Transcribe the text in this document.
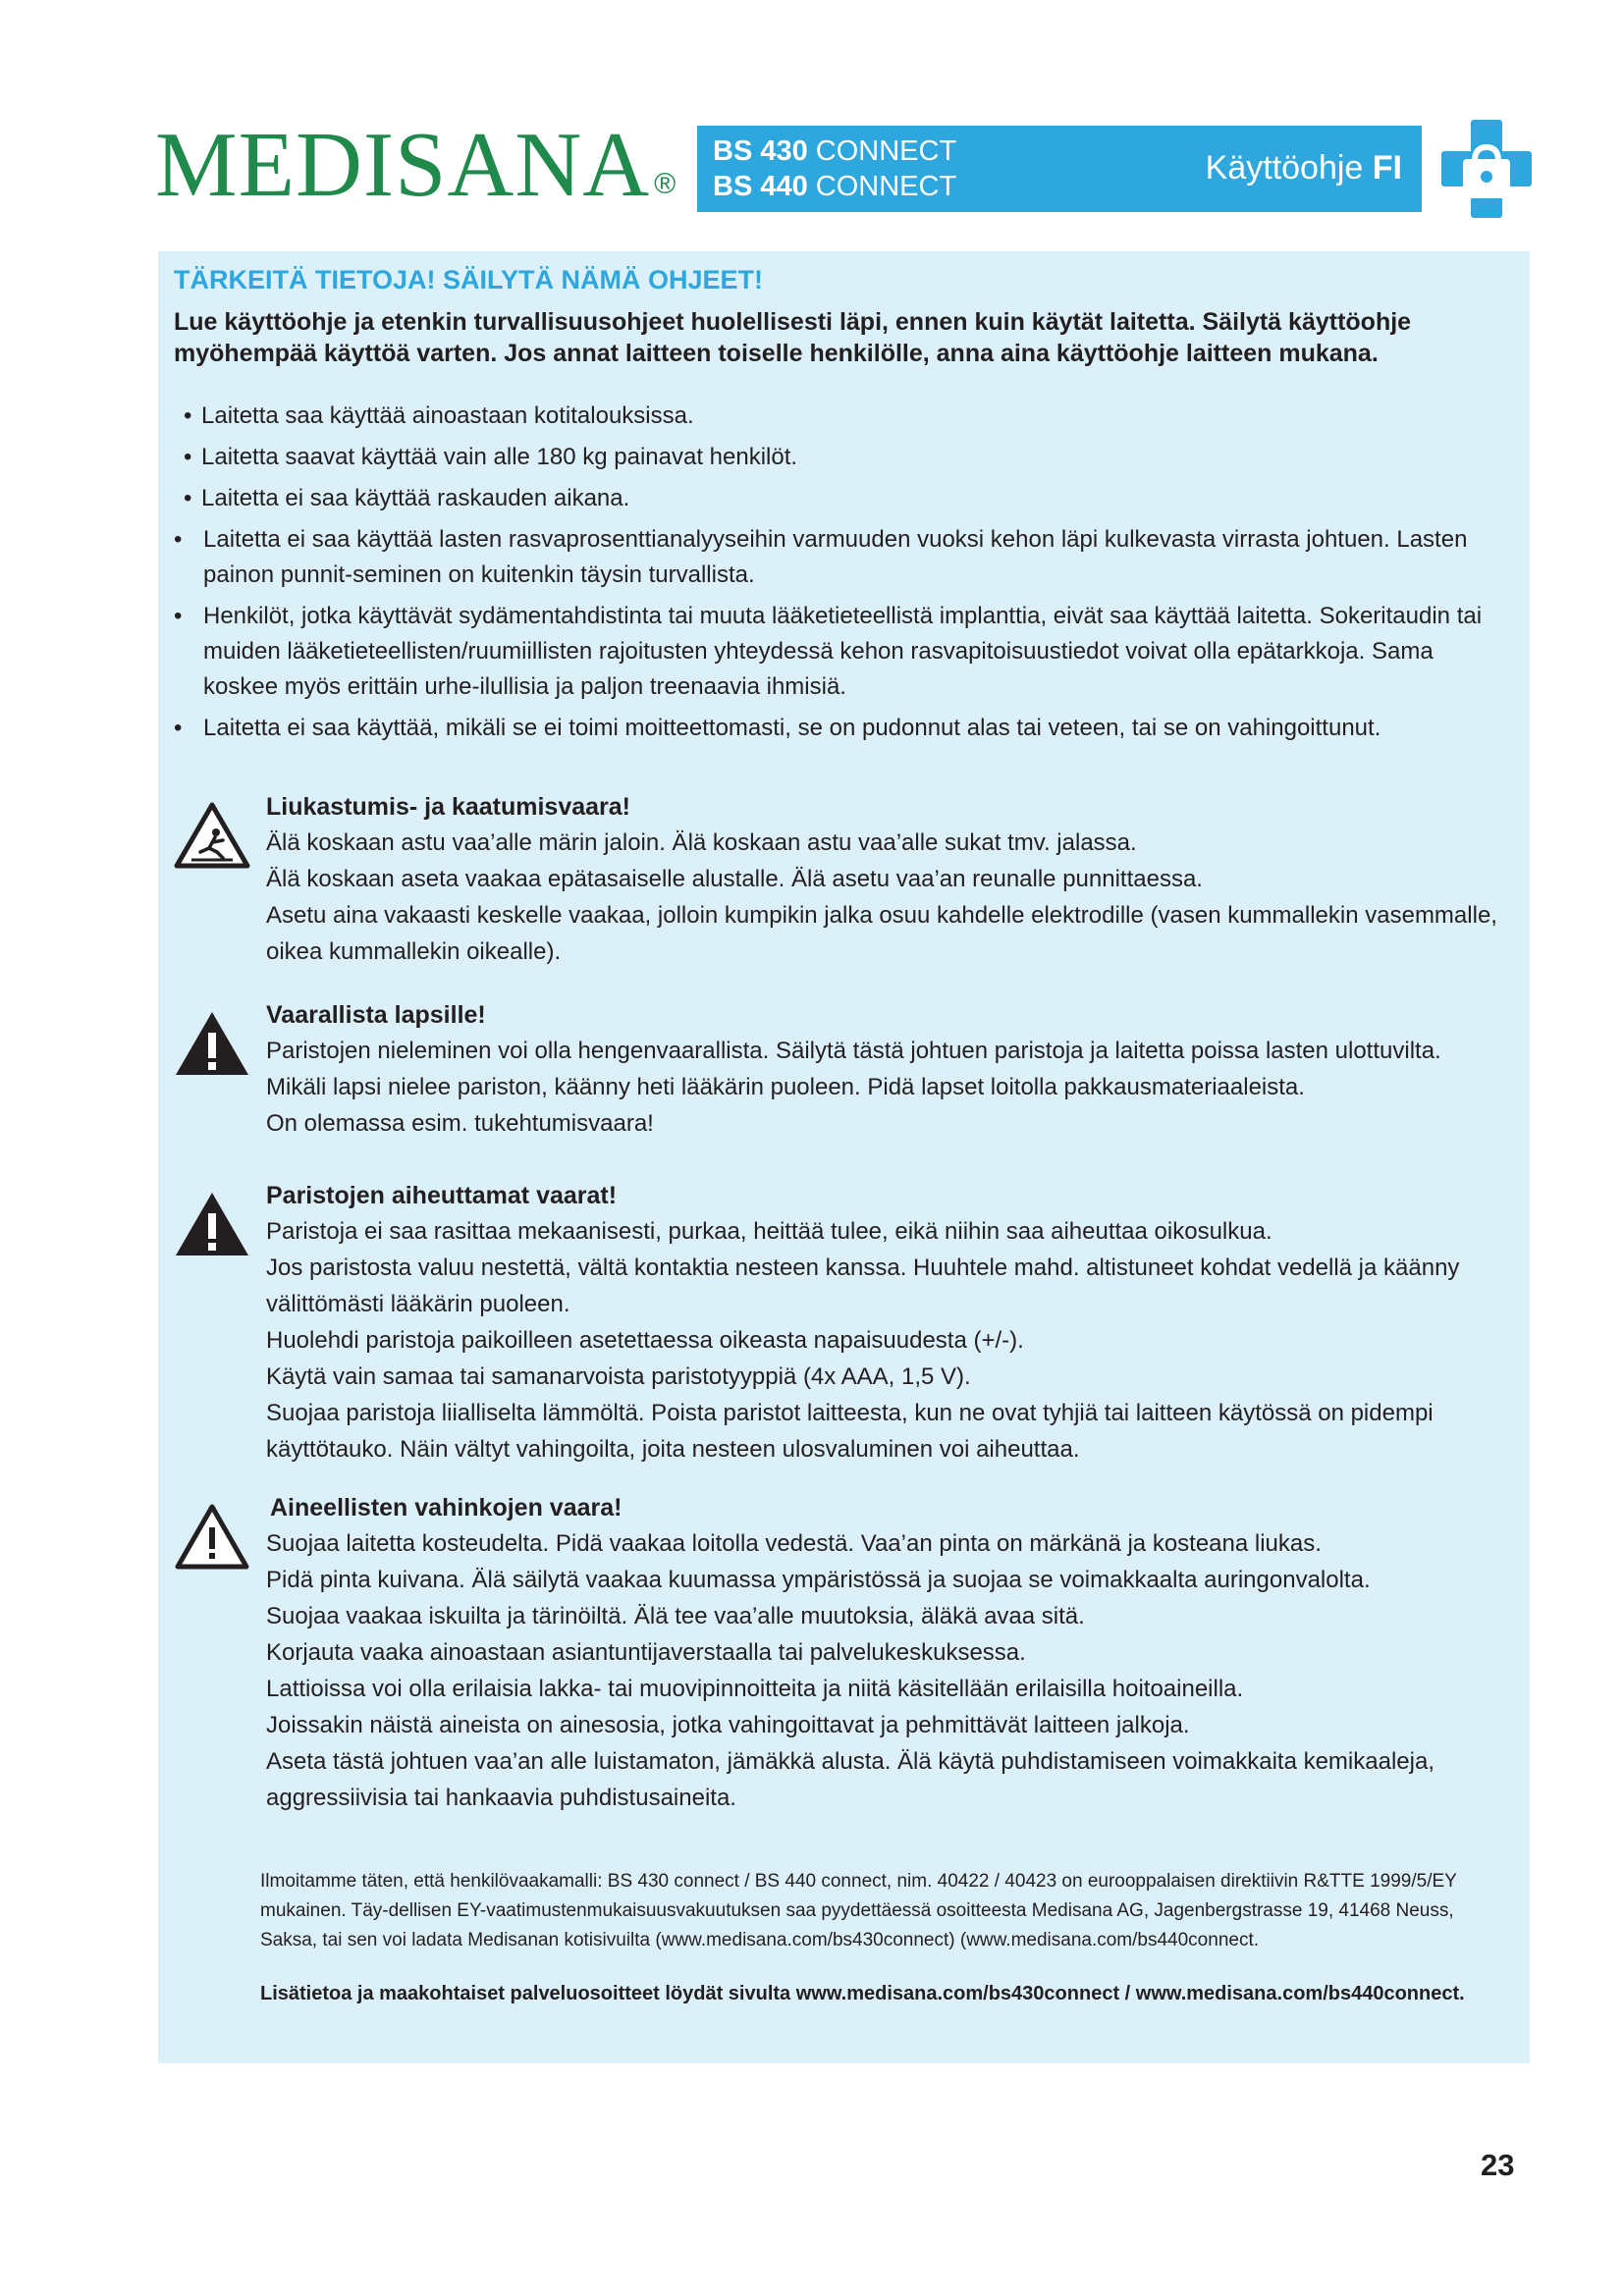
MEDISANA ®
BS 430 CONNECT
BS 440 CONNECT	Käyttöohje FI
TÄRKEITÄ TIETOJA! SÄILYTÄ NÄMÄ OHJEET!
Lue käyttöohje ja etenkin turvallisuusohjeet huolellisesti läpi, ennen kuin käytät laitetta. Säilytä käyttöohje myöhempää käyttöä varten. Jos annat laitteen toiselle henkilölle, anna aina käyttöohje laitteen mukana.
• Laitetta saa käyttää ainoastaan kotitalouksissa.
• Laitetta saavat käyttää vain alle 180 kg painavat henkilöt.
• Laitetta ei saa käyttää raskauden aikana.
• Laitetta ei saa käyttää lasten rasvaprosenttianalyyseihin varmuuden vuoksi kehon läpi kulkevasta virrasta johtuen. Lasten painon punnit-seminen on kuitenkin täysin turvallista.
• Henkilöt, jotka käyttävät sydämentahdistinta tai muuta lääketieteellistä implanttia, eivät saa käyttää laitetta. Sokeritaudin tai muiden lääketieteellisten/ruumiillisten rajoitusten yhteydessä kehon rasvapitoisuustiedot voivat olla epätarkkoja. Sama koskee myös erittäin urhe-ilullisia ja paljon treenaavia ihmisiä.
• Laitetta ei saa käyttää, mikäli se ei toimi moitteettomasti, se on pudonnut alas tai veteen, tai se on vahingoittunut.
Liukastumis- ja kaatumisvaara!
Älä koskaan astu vaa’alle märin jaloin. Älä koskaan astu vaa’alle sukat tmv. jalassa.
Älä koskaan aseta vaakaa epätasaiselle alustalle. Älä asetu vaa’an reunalle punnittaessa.
Asetu aina vakaasti keskelle vaakaa, jolloin kumpikin jalka osuu kahdelle elektrodille (vasen kummallekin vasemmalle, oikea kummallekin oikealle).
Vaarallista lapsille!
Paristojen nieleminen voi olla hengenvaarallista. Säilytä tästä johtuen paristoja ja laitetta poissa lasten ulottuvilta.
Mikäli lapsi nielee pariston, käänny heti lääkärin puoleen. Pidä lapset loitolla pakkausmateriaaleista.
On olemassa esim. tukehtumisvaara!
Paristojen aiheuttamat vaarat!
Paristoja ei saa rasittaa mekaanisesti, purkaa, heittää tulee, eikä niihin saa aiheuttaa oikosulkua.
Jos paristosta valuu nestettä, vältä kontaktia nesteen kanssa. Huuhtele mahd. altistuneet kohdat vedellä ja käänny välittömästi lääkärin puoleen.
Huolehdi paristoja paikoilleen asetettaessa oikeasta napaisuudesta (+/-).
Käytä vain samaa tai samanarvoista paristotyyppiä (4x AAA, 1,5 V).
Suojaa paristoja liialliselta lämmöltä. Poista paristot laitteesta, kun ne ovat tyhjiä tai laitteen käytössä on pidempi käyttötauko. Näin vältyt vahingoilta, joita nesteen ulosvaluminen voi aiheuttaa.
Aineellisten vahinkojen vaara!
Suojaa laitetta kosteudelta. Pidä vaakaa loitolla vedestä. Vaa’an pinta on märkänä ja kosteana liukas.
Pidä pinta kuivana. Älä säilytä vaakaa kuumassa ympäristössä ja suojaa se voimakkaalta auringonvalolta.
Suojaa vaakaa iskuilta ja tärinöiltä. Älä tee vaa’alle muutoksia, äläkä avaa sitä.
Korjauta vaaka ainoastaan asiantuntijaverstaalla tai palvelukeskuksessa.
Lattioissa voi olla erilaisia lakka- tai muovipinnoitteita ja niitä käsitellään erilaisilla hoitoaineilla.
Joissakin näistä aineista on ainesosia, jotka vahingoittavat ja pehmittävät laitteen jalkoja.
Aseta tästä johtuen vaa’an alle luistamaton, jämäkkä alusta. Älä käytä puhdistamiseen voimakkaita kemikaaleja, aggressiivisia tai hankaavia puhdistusaineita.
Ilmoitamme täten, että henkilövaakamalli: BS 430 connect / BS 440 connect, nim. 40422 / 40423 on eurooppalaisen direktiivin R&TTE 1999/5/EY mukainen. Täy-dellisen EY-vaatimustenmukaisuusvakuutuksen saa pyydettäessä osoitteesta Medisana AG, Jagenbergstrasse 19, 41468 Neuss, Saksa, tai sen voi ladata Medisanan kotisivuilta (www.medisana.com/bs430connect) (www.medisana.com/bs440connect.
Lisätietoa ja maakohtaiset palveluosoitteet löydät sivulta www.medisana.com/bs430connect / www.medisana.com/bs440connect.
23
